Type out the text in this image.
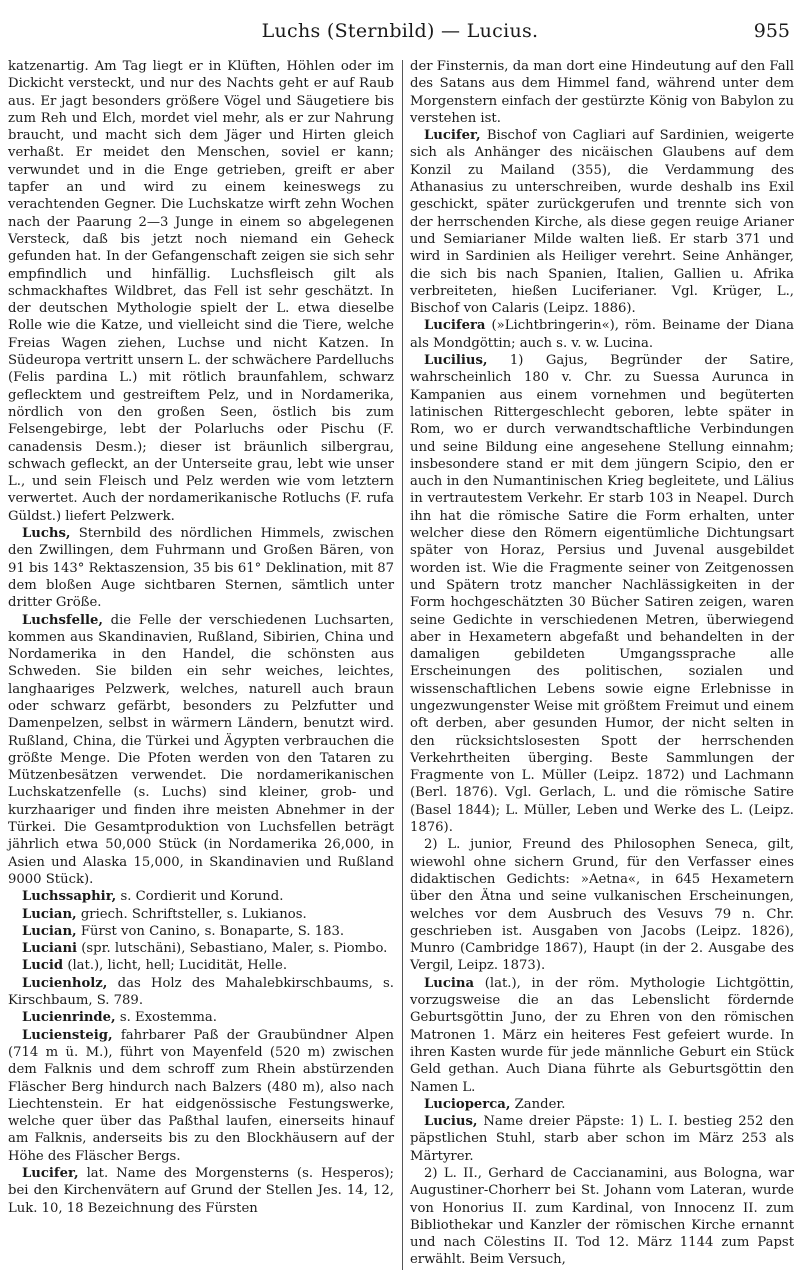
Luchs (Sternbild) — Lucius.	955

katzenartig. Am Tag liegt er in Klüften, Höhlen oder im Dickicht versteckt, und nur des Nachts geht er auf Raub aus. Er jagt besonders größere Vögel und Säugetiere bis zum Reh und Elch, mordet viel mehr, als er zur Nahrung braucht, und macht sich dem Jäger und Hirten gleich verhaßt. Er meidet den Menschen, soviel er kann; verwundet und in die Enge getrieben, greift er aber tapfer an und wird zu einem keineswegs zu verachtenden Gegner. Die Luchskatze wirft zehn Wochen nach der Paarung 2—3 Junge in einem so abgelegenen Versteck, daß bis jetzt noch niemand ein Geheck gefunden hat. In der Gefangenschaft zeigen sie sich sehr empfindlich und hinfällig. Luchsfleisch gilt als schmackhaftes Wildbret, das Fell ist sehr geschätzt. In der deutschen Mythologie spielt der L. etwa dieselbe Rolle wie die Katze, und vielleicht sind die Tiere, welche Freias Wagen ziehen, Luchse und nicht Katzen. In Südeuropa vertritt unsern L. der schwächere Pardelluchs (Felis pardina L.) mit rötlich braunfahlem, schwarz geflecktem und gestreiftem Pelz, und in Nordamerika, nördlich von den großen Seen, östlich bis zum Felsengebirge, lebt der Polarluchs oder Pischu (F. canadensis Desm.); dieser ist bräunlich silbergrau, schwach gefleckt, an der Unterseite grau, lebt wie unser L., und sein Fleisch und Pelz werden wie vom letztern verwertet. Auch der nordamerikanische Rotluchs (F. rufa Güldst.) liefert Pelzwerk.

Luchs, Sternbild des nördlichen Himmels, zwischen den Zwillingen, dem Fuhrmann und Großen Bären, von 91 bis 143° Rektaszension, 35 bis 61° Deklination, mit 87 dem bloßen Auge sichtbaren Sternen, sämtlich unter dritter Größe.

Luchsfelle, die Felle der verschiedenen Luchsarten, kommen aus Skandinavien, Rußland, Sibirien, China und Nordamerika in den Handel, die schönsten aus Schweden. Sie bilden ein sehr weiches, leichtes, langhaariges Pelzwerk, welches, naturell auch braun oder schwarz gefärbt, besonders zu Pelzfutter und Damenpelzen, selbst in wärmern Ländern, benutzt wird. Rußland, China, die Türkei und Ägypten verbrauchen die größte Menge. Die Pfoten werden von den Tataren zu Mützenbesätzen verwendet. Die nordamerikanischen Luchskatzenfelle (s. Luchs) sind kleiner, grob- und kurzhaariger und finden ihre meisten Abnehmer in der Türkei. Die Gesamtproduktion von Luchsfellen beträgt jährlich etwa 50,000 Stück (in Nordamerika 26,000, in Asien und Alaska 15,000, in Skandinavien und Rußland 9000 Stück).

Luchssaphir, s. Cordierit und Korund.

Lucian, griech. Schriftsteller, s. Lukianos.

Lucian, Fürst von Canino, s. Bonaparte, S. 183.

Luciani (spr. lutschäni), Sebastiano, Maler, s. Piombo.

Lucid (lat.), licht, hell; Lucidität, Helle.

Lucienholz, das Holz des Mahalebkirschbaums, s. Kirschbaum, S. 789.

Lucienrinde, s. Exostemma.

Luciensteig, fahrbarer Paß der Graubündner Alpen (714 m ü. M.), führt von Mayenfeld (520 m) zwischen dem Falknis und dem schroff zum Rhein abstürzenden Fläscher Berg hindurch nach Balzers (480 m), also nach Liechtenstein. Er hat eidgenössische Festungswerke, welche quer über das Paßthal laufen, einerseits hinauf am Falknis, anderseits bis zu den Blockhäusern auf der Höhe des Fläscher Bergs.

Lucifer, lat. Name des Morgensterns (s. Hesperos); bei den Kirchenvätern auf Grund der Stellen Jes. 14, 12, Luk. 10, 18 Bezeichnung des Fürsten

der Finsternis, da man dort eine Hindeutung auf den Fall des Satans aus dem Himmel fand, während unter dem Morgenstern einfach der gestürzte König von Babylon zu verstehen ist.

Lucifer, Bischof von Cagliari auf Sardinien, weigerte sich als Anhänger des nicäischen Glaubens auf dem Konzil zu Mailand (355), die Verdammung des Athanasius zu unterschreiben, wurde deshalb ins Exil geschickt, später zurückgerufen und trennte sich von der herrschenden Kirche, als diese gegen reuige Arianer und Semiarianer Milde walten ließ. Er starb 371 und wird in Sardinien als Heiliger verehrt. Seine Anhänger, die sich bis nach Spanien, Italien, Gallien u. Afrika verbreiteten, hießen Luciferianer. Vgl. Krüger, L., Bischof von Calaris (Leipz. 1886).

Lucifera (»Lichtbringerin«), röm. Beiname der Diana als Mondgöttin; auch s. v. w. Lucina.

Lucilius, 1) Gajus, Begründer der Satire, wahrscheinlich 180 v. Chr. zu Suessa Aurunca in Kampanien aus einem vornehmen und begüterten latinischen Rittergeschlecht geboren, lebte später in Rom, wo er durch verwandtschaftliche Verbindungen und seine Bildung eine angesehene Stellung einnahm; insbesondere stand er mit dem jüngern Scipio, den er auch in den Numantinischen Krieg begleitete, und Lälius in vertrautestem Verkehr. Er starb 103 in Neapel. Durch ihn hat die römische Satire die Form erhalten, unter welcher diese den Römern eigentümliche Dichtungsart später von Horaz, Persius und Juvenal ausgebildet worden ist. Wie die Fragmente seiner von Zeitgenossen und Spätern trotz mancher Nachlässigkeiten in der Form hochgeschätzten 30 Bücher Satiren zeigen, waren seine Gedichte in verschiedenen Metren, überwiegend aber in Hexametern abgefaßt und behandelten in der damaligen gebildeten Umgangssprache alle Erscheinungen des politischen, sozialen und wissenschaftlichen Lebens sowie eigne Erlebnisse in ungezwungenster Weise mit größtem Freimut und einem oft derben, aber gesunden Humor, der nicht selten in den rücksichtslosesten Spott der herrschenden Verkehrtheiten überging. Beste Sammlungen der Fragmente von L. Müller (Leipz. 1872) und Lachmann (Berl. 1876). Vgl. Gerlach, L. und die römische Satire (Basel 1844); L. Müller, Leben und Werke des L. (Leipz. 1876).

2) L. junior, Freund des Philosophen Seneca, gilt, wiewohl ohne sichern Grund, für den Verfasser eines didaktischen Gedichts: »Aetna«, in 645 Hexametern über den Ätna und seine vulkanischen Erscheinungen, welches vor dem Ausbruch des Vesuvs 79 n. Chr. geschrieben ist. Ausgaben von Jacobs (Leipz. 1826), Munro (Cambridge 1867), Haupt (in der 2. Ausgabe des Vergil, Leipz. 1873).

Lucina (lat.), in der röm. Mythologie Lichtgöttin, vorzugsweise die an das Lebenslicht fördernde Geburtsgöttin Juno, der zu Ehren von den römischen Matronen 1. März ein heiteres Fest gefeiert wurde. In ihren Kasten wurde für jede männliche Geburt ein Stück Geld gethan. Auch Diana führte als Geburtsgöttin den Namen L.

Lucioperca, Zander.

Lucius, Name dreier Päpste: 1) L. I. bestieg 252 den päpstlichen Stuhl, starb aber schon im März 253 als Märtyrer.

2) L. II., Gerhard de Caccianamini, aus Bologna, war Augustiner-Chorherr bei St. Johann vom Lateran, wurde von Honorius II. zum Kardinal, von Innocenz II. zum Bibliothekar und Kanzler der römischen Kirche ernannt und nach Cölestins II. Tod 12. März 1144 zum Papst erwählt. Beim Versuch,
